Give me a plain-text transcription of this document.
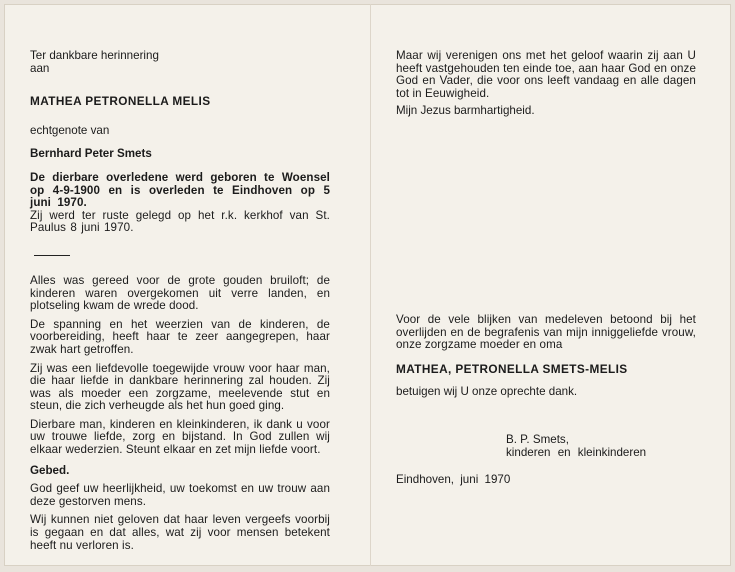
Ter dankbare herinnering
aan
MATHEA PETRONELLA MELIS
echtgenote van
Bernhard Peter Smets
De dierbare overledene werd geboren te Woensel op 4-9-1900 en is overleden te Eindhoven op 5 juni 1970.
Zij werd ter ruste gelegd op het r.k. kerkhof van St. Paulus 8 juni 1970.
Alles was gereed voor de grote gouden bruiloft; de kinderen waren overgekomen uit verre landen, en plotseling kwam de wrede dood.
De spanning en het weerzien van de kinderen, de voorbereiding, heeft haar te zeer aangegrepen, haar zwak hart getroffen.
Zij was een liefdevolle toegewijde vrouw voor haar man, die haar liefde in dankbare herinnering zal houden. Zij was als moeder een zorgzame, meelevende stut en steun, die zich verheugde als het hun goed ging.
Dierbare man, kinderen en kleinkinderen, ik dank u voor uw trouwe liefde, zorg en bijstand. In God zullen wij elkaar wederzien. Steunt elkaar en zet mijn liefde voort.
Gebed.
God geef uw heerlijkheid, uw toekomst en uw trouw aan deze gestorven mens.
Wij kunnen niet geloven dat haar leven vergeefs voorbij is gegaan en dat alles, wat zij voor mensen betekent heeft nu verloren is.
Maar wij verenigen ons met het geloof waarin zij aan U heeft vastgehouden ten einde toe, aan haar God en onze God en Vader, die voor ons leeft vandaag en alle dagen tot in Eeuwigheid.
Mijn Jezus barmhartigheid.
Voor de vele blijken van medeleven betoond bij het overlijden en de begrafenis van mijn inniggeliefde vrouw, onze zorgzame moeder en oma
MATHEA, PETRONELLA SMETS-MELIS
betuigen wij U onze oprechte dank.
B. P. Smets,
kinderen en kleinkinderen
Eindhoven, juni 1970
